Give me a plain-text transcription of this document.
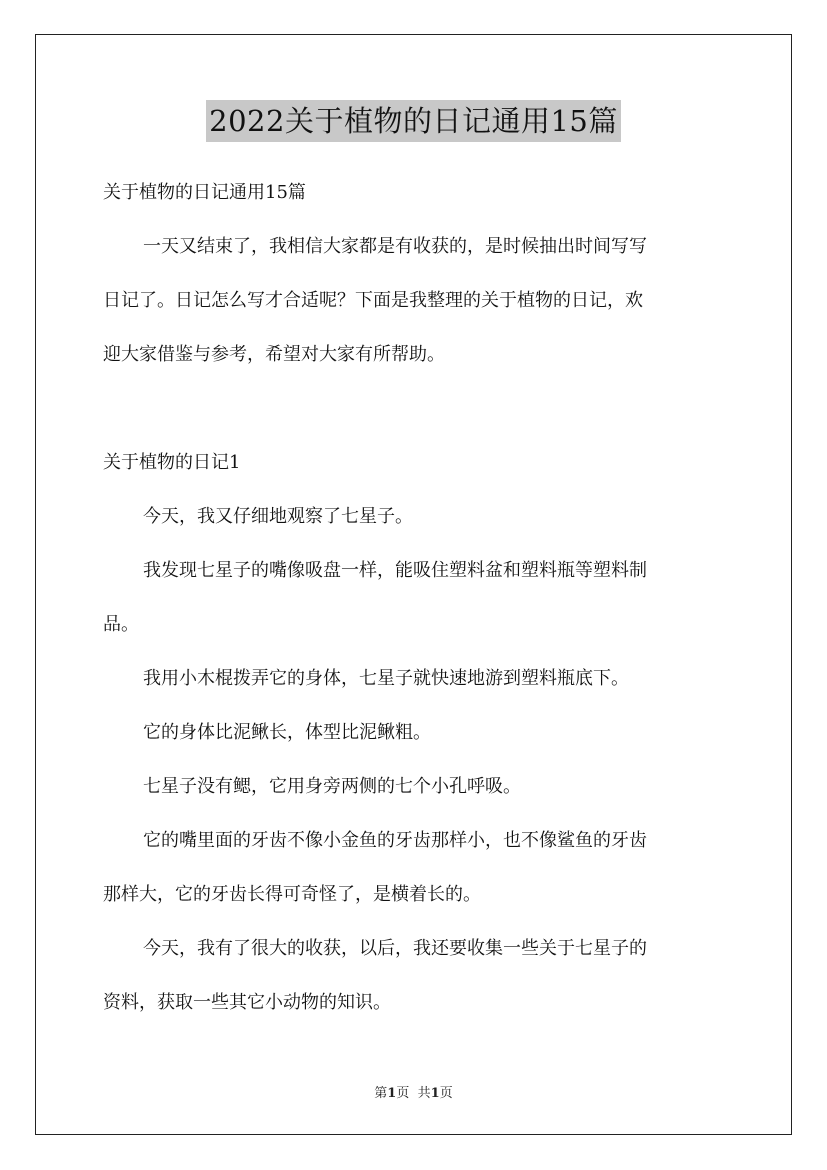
2022关于植物的日记通用15篇
关于植物的日记通用15篇
一天又结束了，我相信大家都是有收获的，是时候抽出时间写写
日记了。日记怎么写才合适呢？下面是我整理的关于植物的日记，欢
迎大家借鉴与参考，希望对大家有所帮助。
关于植物的日记1
今天，我又仔细地观察了七星子。
我发现七星子的嘴像吸盘一样，能吸住塑料盆和塑料瓶等塑料制
品。
我用小木棍拨弄它的身体，七星子就快速地游到塑料瓶底下。
它的身体比泥鳅长，体型比泥鳅粗。
七星子没有鳃，它用身旁两侧的七个小孔呼吸。
它的嘴里面的牙齿不像小金鱼的牙齿那样小，也不像鲨鱼的牙齿
那样大，它的牙齿长得可奇怪了，是横着长的。
今天，我有了很大的收获，以后，我还要收集一些关于七星子的
资料，获取一些其它小动物的知识。
第1页 共1页
